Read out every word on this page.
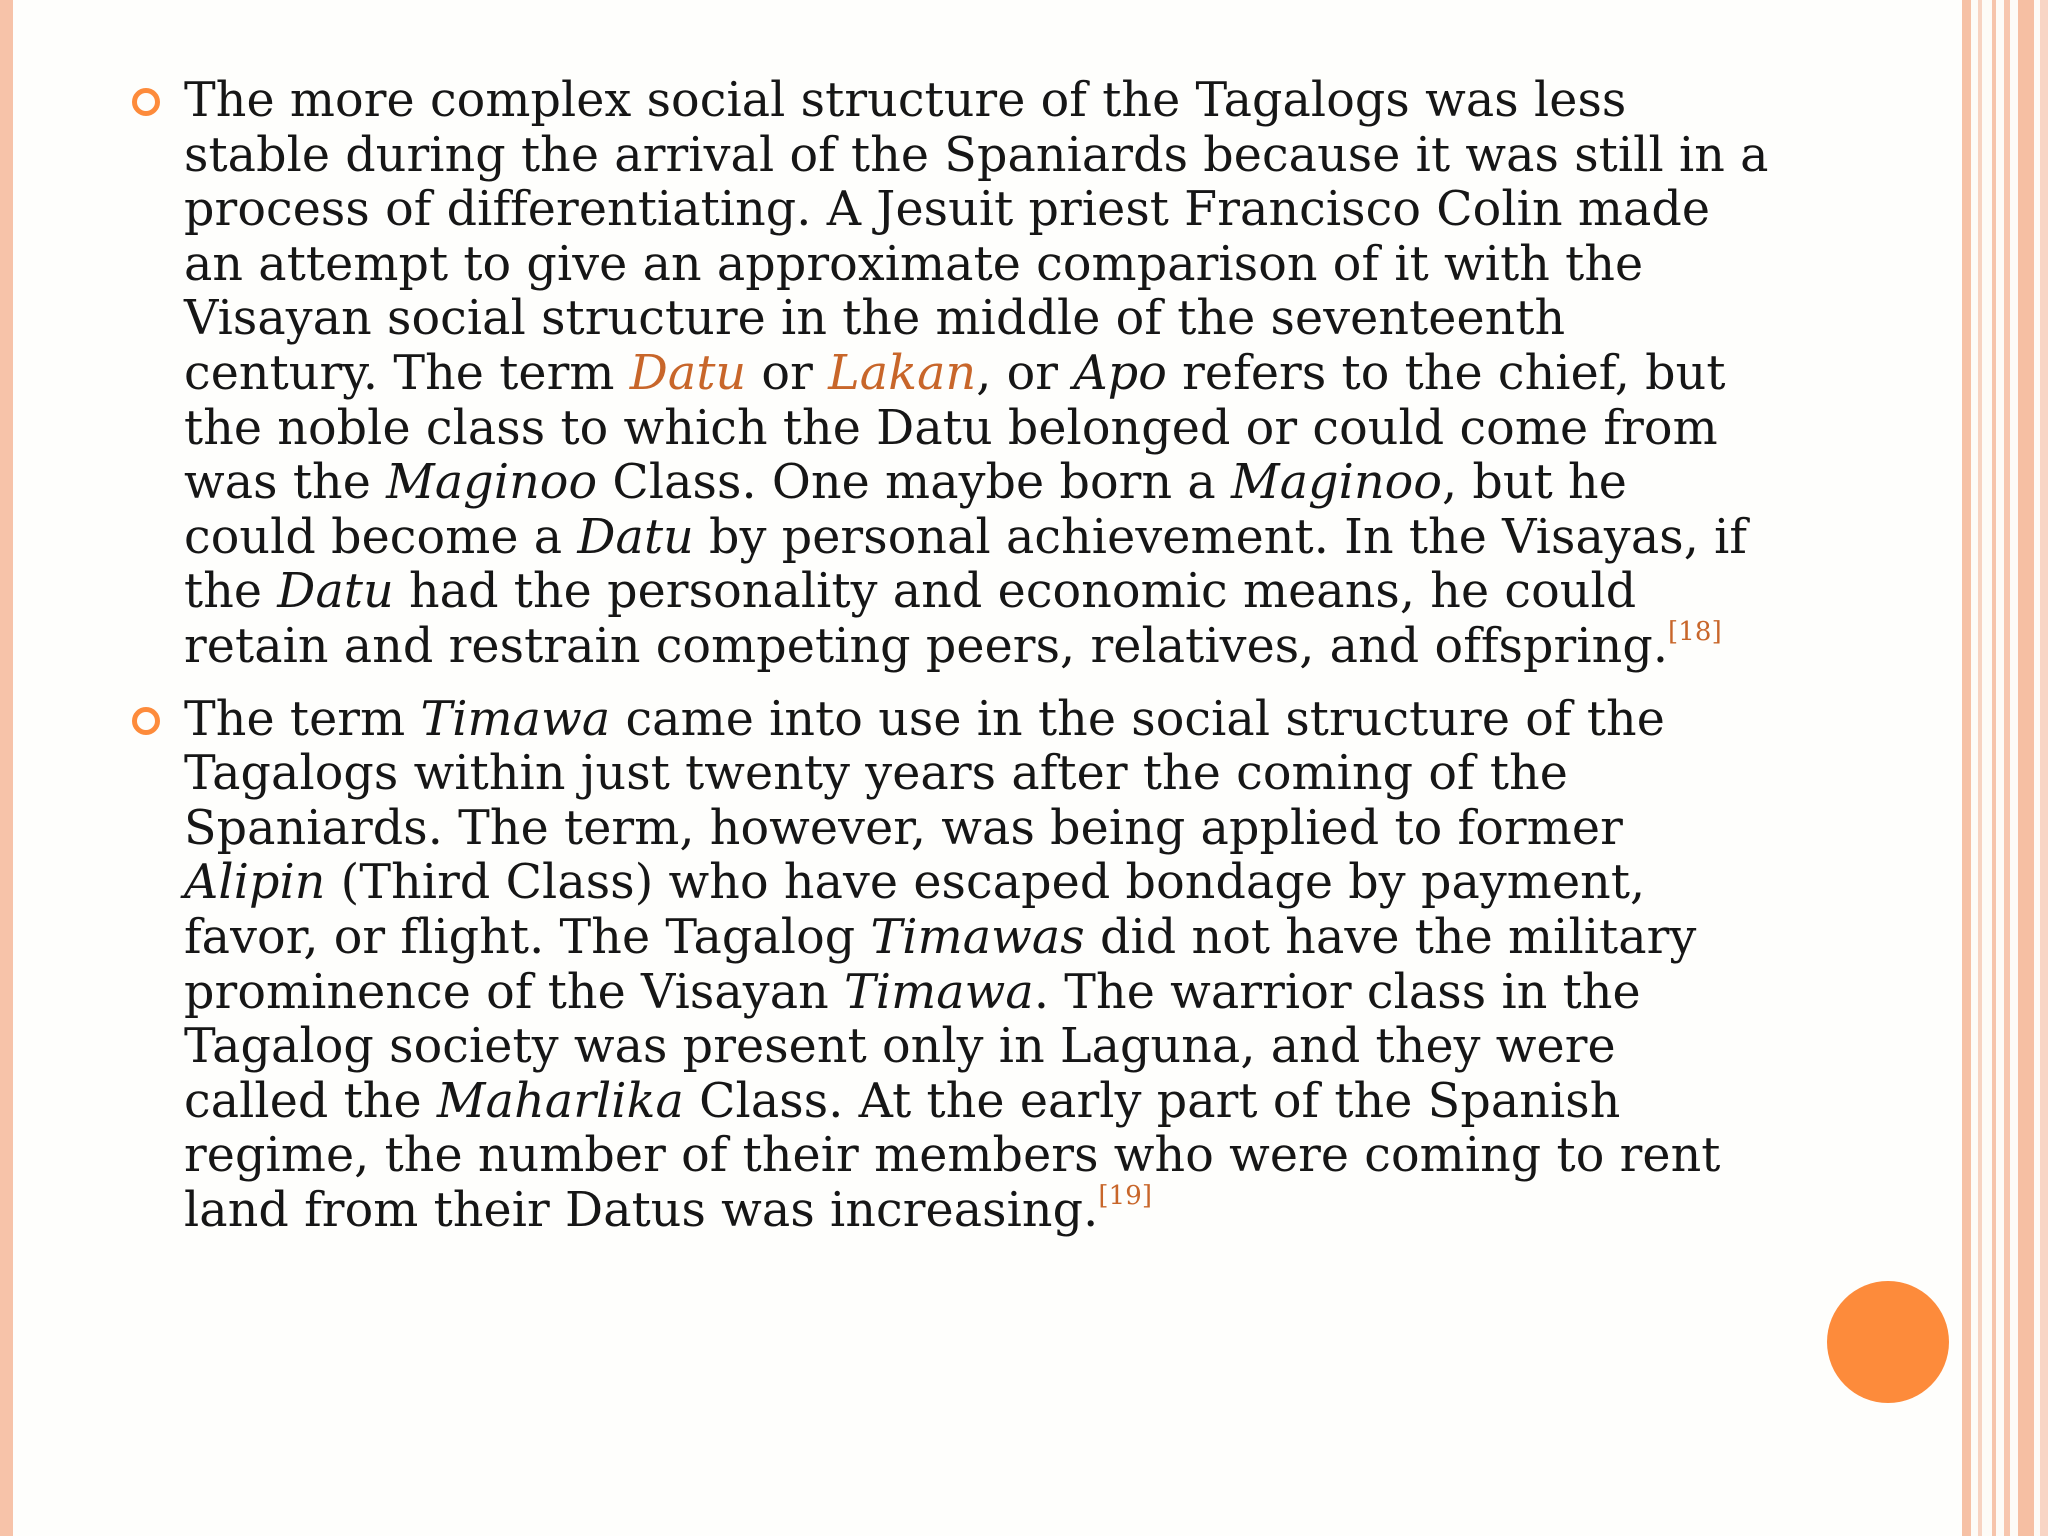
The more complex social structure of the Tagalogs was less stable during the arrival of the Spaniards because it was still in a process of differentiating. A Jesuit priest Francisco Colin made an attempt to give an approximate comparison of it with the Visayan social structure in the middle of the seventeenth century. The term Datu or Lakan, or Apo refers to the chief, but the noble class to which the Datu belonged or could come from was the Maginoo Class. One maybe born a Maginoo, but he could become a Datu by personal achievement. In the Visayas, if the Datu had the personality and economic means, he could retain and restrain competing peers, relatives, and offspring.[18]
The term Timawa came into use in the social structure of the Tagalogs within just twenty years after the coming of the Spaniards. The term, however, was being applied to former Alipin (Third Class) who have escaped bondage by payment, favor, or flight. The Tagalog Timawas did not have the military prominence of the Visayan Timawa. The warrior class in the Tagalog society was present only in Laguna, and they were called the Maharlika Class. At the early part of the Spanish regime, the number of their members who were coming to rent land from their Datus was increasing.[19]
